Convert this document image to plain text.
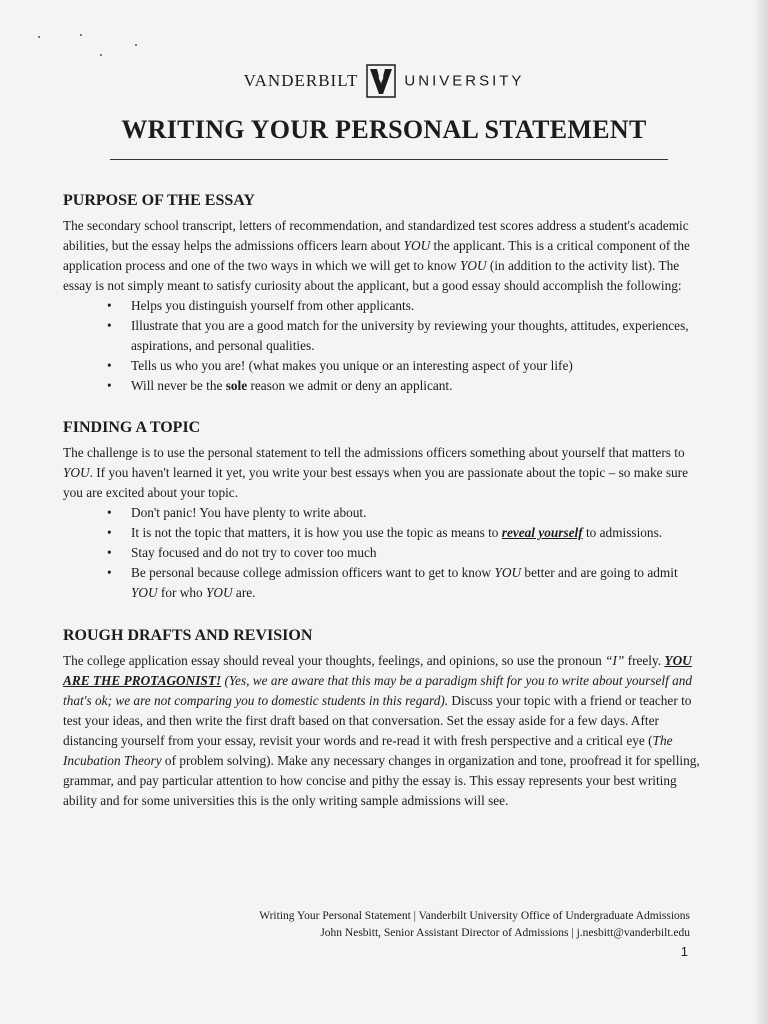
VANDERBILT	UNIVERSITY
WRITING YOUR PERSONAL STATEMENT
PURPOSE OF THE ESSAY

The secondary school transcript, letters of recommendation, and standardized test scores address a student's academic abilities, but the essay helps the admissions officers learn about YOU the applicant. This is a critical component of the application process and one of the two ways in which we will get to know YOU (in addition to the activity list). The essay is not simply meant to satisfy curiosity about the applicant, but a good essay should accomplish the following:

• Helps you distinguish yourself from other applicants.
• Illustrate that you are a good match for the university by reviewing your thoughts, attitudes, experiences, aspirations, and personal qualities.
• Tells us who you are! (what makes you unique or an interesting aspect of your life)
• Will never be the sole reason we admit or deny an applicant.
FINDING A TOPIC

The challenge is to use the personal statement to tell the admissions officers something about yourself that matters to YOU. If you haven't learned it yet, you write your best essays when you are passionate about the topic – so make sure you are excited about your topic.

• Don't panic! You have plenty to write about.
• It is not the topic that matters, it is how you use the topic as means to reveal yourself to admissions.
• Stay focused and do not try to cover too much
• Be personal because college admission officers want to get to know YOU better and are going to admit YOU for who YOU are.
ROUGH DRAFTS AND REVISION

The college application essay should reveal your thoughts, feelings, and opinions, so use the pronoun “I” freely. YOU ARE THE PROTAGONIST! (Yes, we are aware that this may be a paradigm shift for you to write about yourself and that's ok; we are not comparing you to domestic students in this regard). Discuss your topic with a friend or teacher to test your ideas, and then write the first draft based on that conversation. Set the essay aside for a few days. After distancing yourself from your essay, revisit your words and re-read it with fresh perspective and a critical eye (The Incubation Theory of problem solving). Make any necessary changes in organization and tone, proofread it for spelling, grammar, and pay particular attention to how concise and pithy the essay is. This essay represents your best writing ability and for some universities this is the only writing sample admissions will see.

Writing Your Personal Statement | Vanderbilt University Office of Undergraduate Admissions
John Nesbitt, Senior Assistant Director of Admissions | j.nesbitt@vanderbilt.edu
1
